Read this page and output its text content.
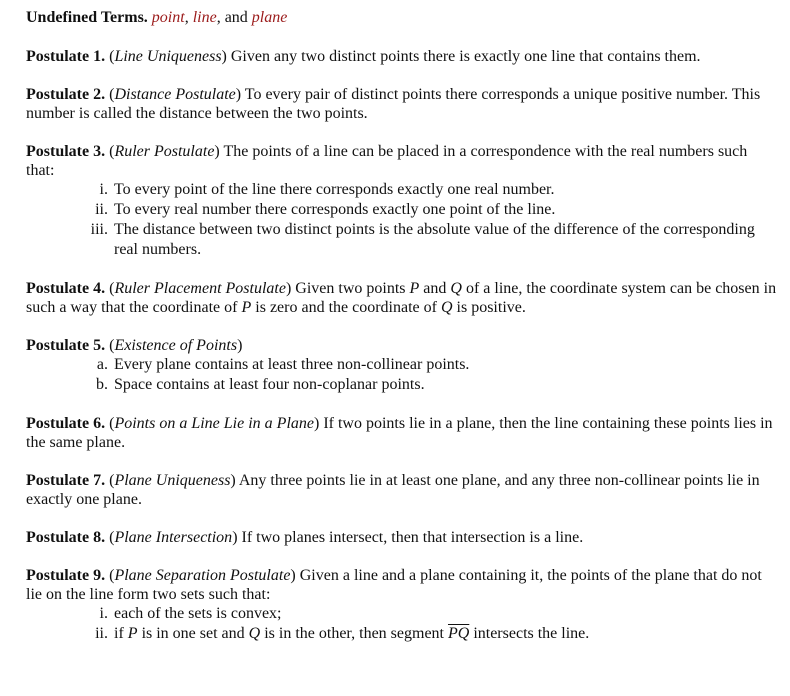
Undefined Terms. point, line, and plane
Postulate 1. (Line Uniqueness) Given any two distinct points there is exactly one line that contains them.
Postulate 2. (Distance Postulate) To every pair of distinct points there corresponds a unique positive number. This number is called the distance between the two points.
Postulate 3. (Ruler Postulate) The points of a line can be placed in a correspondence with the real numbers such that:
i. To every point of the line there corresponds exactly one real number.
ii. To every real number there corresponds exactly one point of the line.
iii. The distance between two distinct points is the absolute value of the difference of the corresponding real numbers.
Postulate 4. (Ruler Placement Postulate) Given two points P and Q of a line, the coordinate system can be chosen in such a way that the coordinate of P is zero and the coordinate of Q is positive.
Postulate 5. (Existence of Points)
a. Every plane contains at least three non-collinear points.
b. Space contains at least four non-coplanar points.
Postulate 6. (Points on a Line Lie in a Plane) If two points lie in a plane, then the line containing these points lies in the same plane.
Postulate 7. (Plane Uniqueness) Any three points lie in at least one plane, and any three non-collinear points lie in exactly one plane.
Postulate 8. (Plane Intersection) If two planes intersect, then that intersection is a line.
Postulate 9. (Plane Separation Postulate) Given a line and a plane containing it, the points of the plane that do not lie on the line form two sets such that:
i. each of the sets is convex;
ii. if P is in one set and Q is in the other, then segment $\overline{PQ}$ intersects the line.
